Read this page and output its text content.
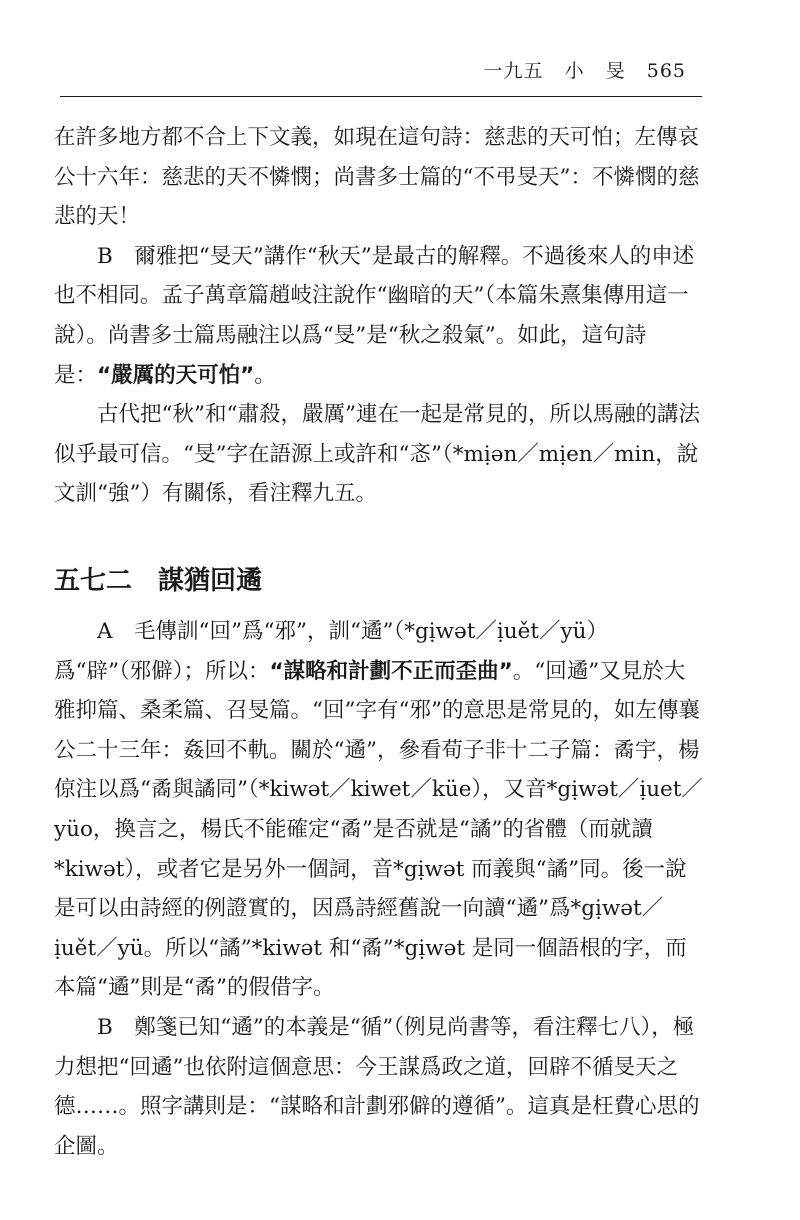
一九五 小 旻 565

在許多地方都不合上下文義，如現在這句詩：慈悲的天可怕；左傳哀公十六年：慈悲的天不憐憫；尚書多士篇的“不弔旻天”：不憐憫的慈悲的天！

B　爾雅把“旻天”講作“秋天”是最古的解釋。不過後來人的申述也不相同。孟子萬章篇趙岐注說作“幽暗的天”（本篇朱熹集傳用這一說）。尚書多士篇馬融注以爲“旻”是“秋之殺氣”。如此，這句詩是：“嚴厲的天可怕”。

古代把“秋”和“肅殺，嚴厲”連在一起是常見的，所以馬融的講法似乎最可信。“旻”字在語源上或許和“忞”（*mịən／mịen／min，說文訓“強”）有關係，看注釋九五。

五七二 謀猶回遹

A　毛傳訓“回”爲“邪”，訓“遹”（*gịwət／ịuět／yü）爲“辟”（邪僻）；所以：“謀略和計劃不正而歪曲”。“回遹”又見於大雅抑篇、桑柔篇、召旻篇。“回”字有“邪”的意思是常見的，如左傳襄公二十三年：姦回不軌。關於“遹”，參看荀子非十二子篇：矞宇，楊倞注以爲“矞與譎同”（*kiwət／kiwet／küe），又音*gịwət／ịuet／yüo，換言之，楊氏不能確定“矞”是否就是“譎”的省體（而就讀*kiwət），或者它是另外一個詞，音*gịwət 而義與“譎”同。後一說是可以由詩經的例證實的，因爲詩經舊說一向讀“遹”爲*gịwət／ịuět／yü。所以“譎”*kiwət 和“矞”*gịwət 是同一個語根的字，而本篇“遹”則是“矞”的假借字。

B　鄭箋已知“遹”的本義是“循”（例見尚書等，看注釋七八），極力想把“回遹”也依附這個意思：今王謀爲政之道，回辟不循旻天之德……。照字講則是：“謀略和計劃邪僻的遵循”。這真是枉費心思的企圖。
